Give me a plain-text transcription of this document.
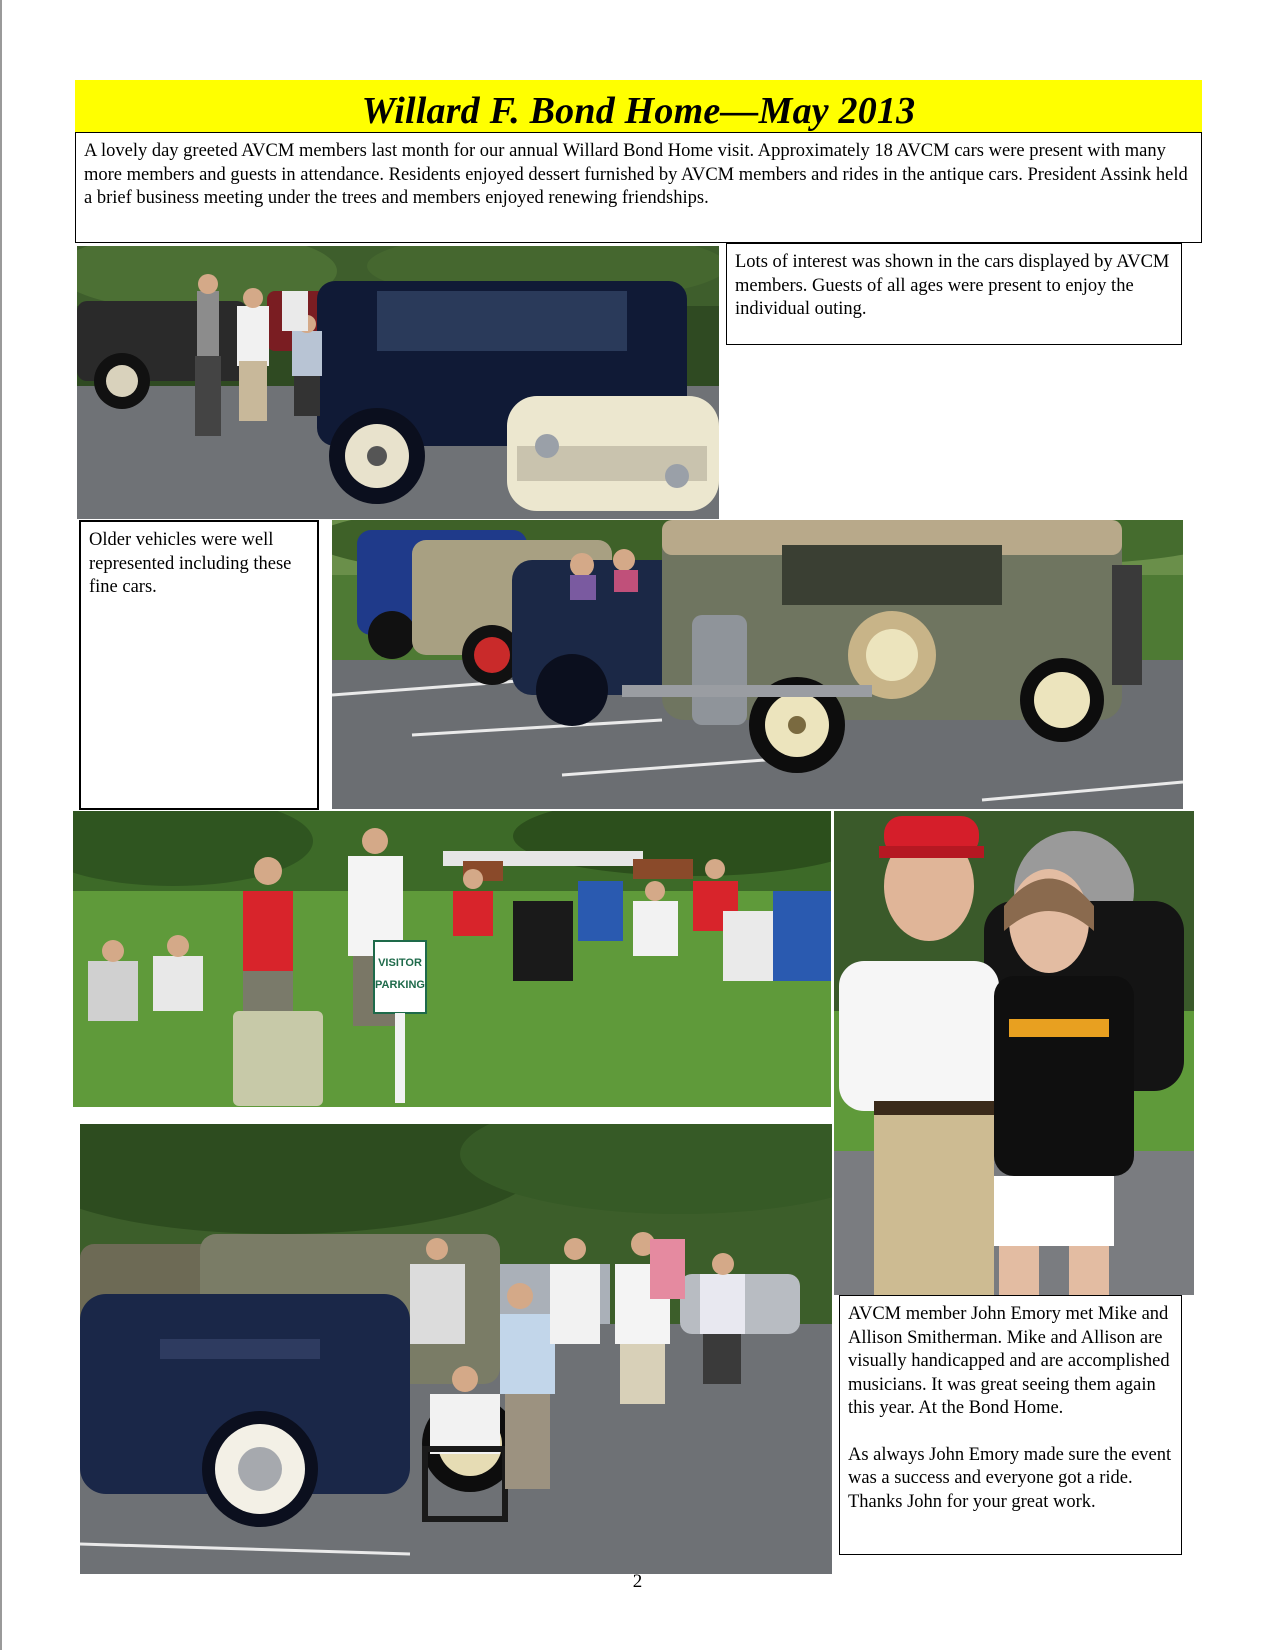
Willard F. Bond Home—May 2013

A lovely day greeted AVCM members last month for our annual Willard Bond Home visit. Approximately 18 AVCM cars were present with many more members and guests in attendance. Residents enjoyed dessert furnished by AVCM members and rides in the antique cars. President Assink held a brief business meeting under the trees and members enjoyed renewing friendships.

Lots of interest was shown in the cars displayed by AVCM members. Guests of all ages were present to enjoy the individual outing.

Older vehicles were well represented including these fine cars.

VISITOR
PARKING

AVCM member John Emory met Mike and Allison Smitherman. Mike and Allison are visually handicapped and are accomplished musicians. It was great seeing them again this year. At the Bond Home.

As always John Emory made sure the event was a success and everyone got a ride. Thanks John for your great work.

2
